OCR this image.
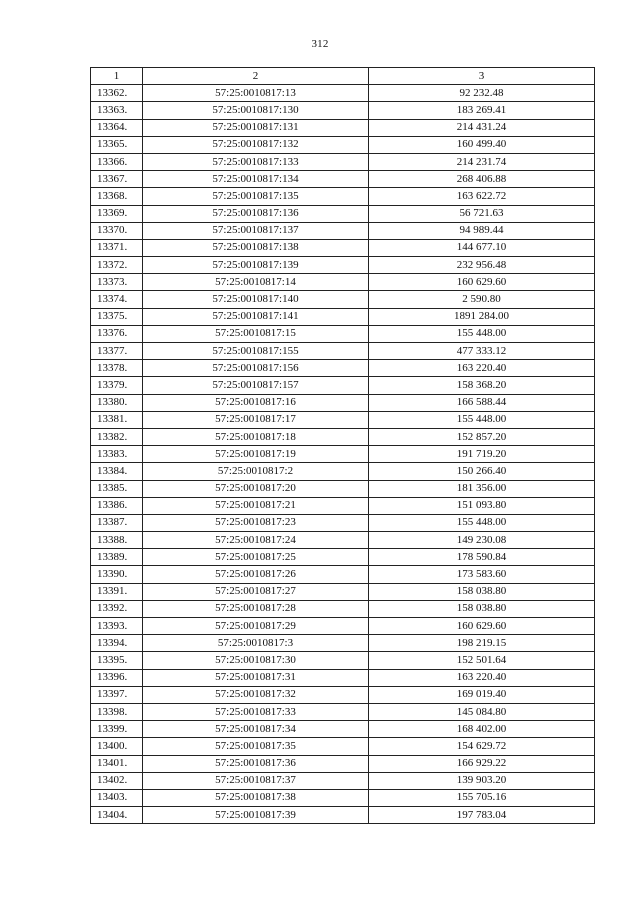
312
1	2	3
13362.	57:25:0010817:13	92 232.48
13363.	57:25:0010817:130	183 269.41
13364.	57:25:0010817:131	214 431.24
13365.	57:25:0010817:132	160 499.40
13366.	57:25:0010817:133	214 231.74
13367.	57:25:0010817:134	268 406.88
13368.	57:25:0010817:135	163 622.72
13369.	57:25:0010817:136	56 721.63
13370.	57:25:0010817:137	94 989.44
13371.	57:25:0010817:138	144 677.10
13372.	57:25:0010817:139	232 956.48
13373.	57:25:0010817:14	160 629.60
13374.	57:25:0010817:140	2 590.80
13375.	57:25:0010817:141	1891 284.00
13376.	57:25:0010817:15	155 448.00
13377.	57:25:0010817:155	477 333.12
13378.	57:25:0010817:156	163 220.40
13379.	57:25:0010817:157	158 368.20
13380.	57:25:0010817:16	166 588.44
13381.	57:25:0010817:17	155 448.00
13382.	57:25:0010817:18	152 857.20
13383.	57:25:0010817:19	191 719.20
13384.	57:25:0010817:2	150 266.40
13385.	57:25:0010817:20	181 356.00
13386.	57:25:0010817:21	151 093.80
13387.	57:25:0010817:23	155 448.00
13388.	57:25:0010817:24	149 230.08
13389.	57:25:0010817:25	178 590.84
13390.	57:25:0010817:26	173 583.60
13391.	57:25:0010817:27	158 038.80
13392.	57:25:0010817:28	158 038.80
13393.	57:25:0010817:29	160 629.60
13394.	57:25:0010817:3	198 219.15
13395.	57:25:0010817:30	152 501.64
13396.	57:25:0010817:31	163 220.40
13397.	57:25:0010817:32	169 019.40
13398.	57:25:0010817:33	145 084.80
13399.	57:25:0010817:34	168 402.00
13400.	57:25:0010817:35	154 629.72
13401.	57:25:0010817:36	166 929.22
13402.	57:25:0010817:37	139 903.20
13403.	57:25:0010817:38	155 705.16
13404.	57:25:0010817:39	197 783.04
